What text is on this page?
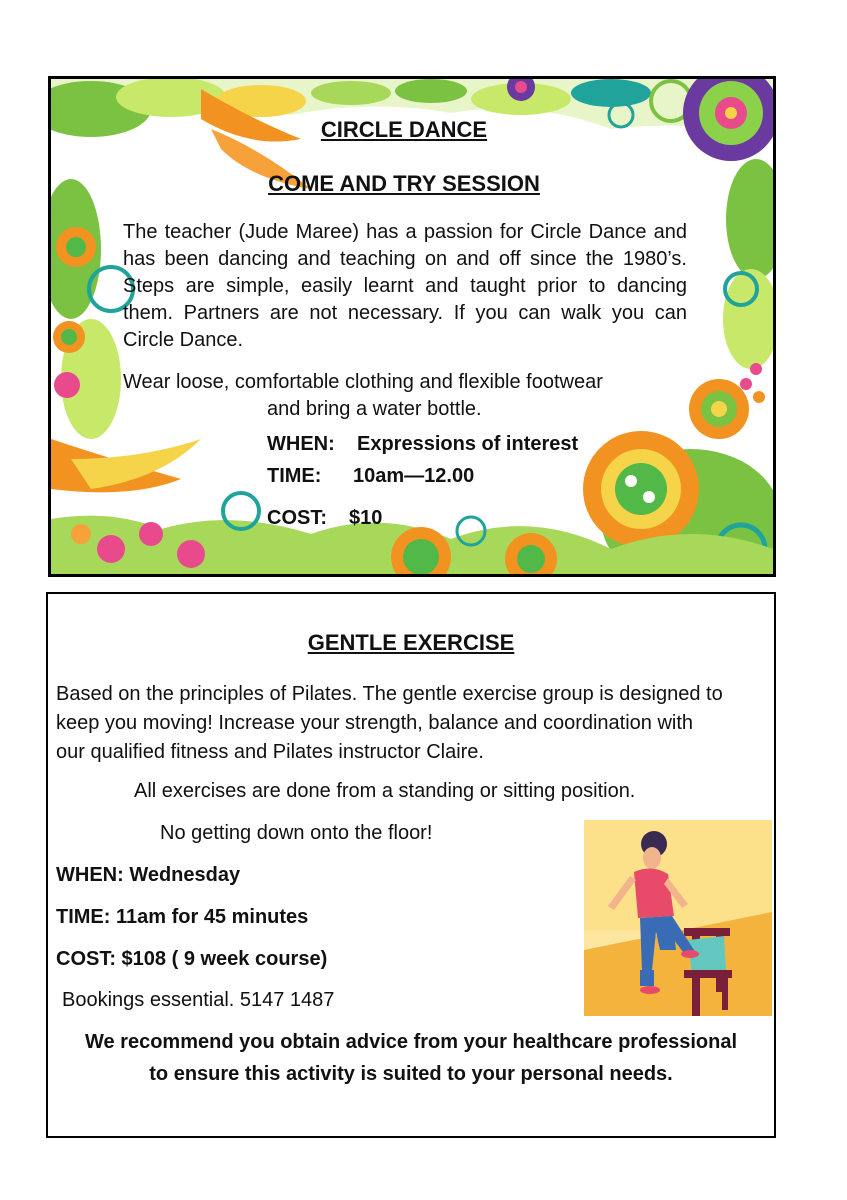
CIRCLE DANCE
COME AND TRY SESSION

The teacher (Jude Maree) has a passion for Circle Dance and has been dancing and teaching on and off since the 1980’s. Steps are simple, easily learnt and taught prior to dancing them. Partners are not necessary. If you can walk you can Circle Dance.

Wear loose, comfortable clothing and flexible footwear
and bring a water bottle.
WHEN: Expressions of interest
TIME: 10am—12.00
COST: $10
GENTLE EXERCISE

Based on the principles of Pilates. The gentle exercise group is designed to keep you moving! Increase your strength, balance and coordination with our qualified fitness and Pilates instructor Claire.

All exercises are done from a standing or sitting position.
No getting down onto the floor!
WHEN: Wednesday
TIME: 11am for 45 minutes
COST: $108 ( 9 week course)
Bookings essential. 5147 1487
We recommend you obtain advice from your healthcare professional
to ensure this activity is suited to your personal needs.
